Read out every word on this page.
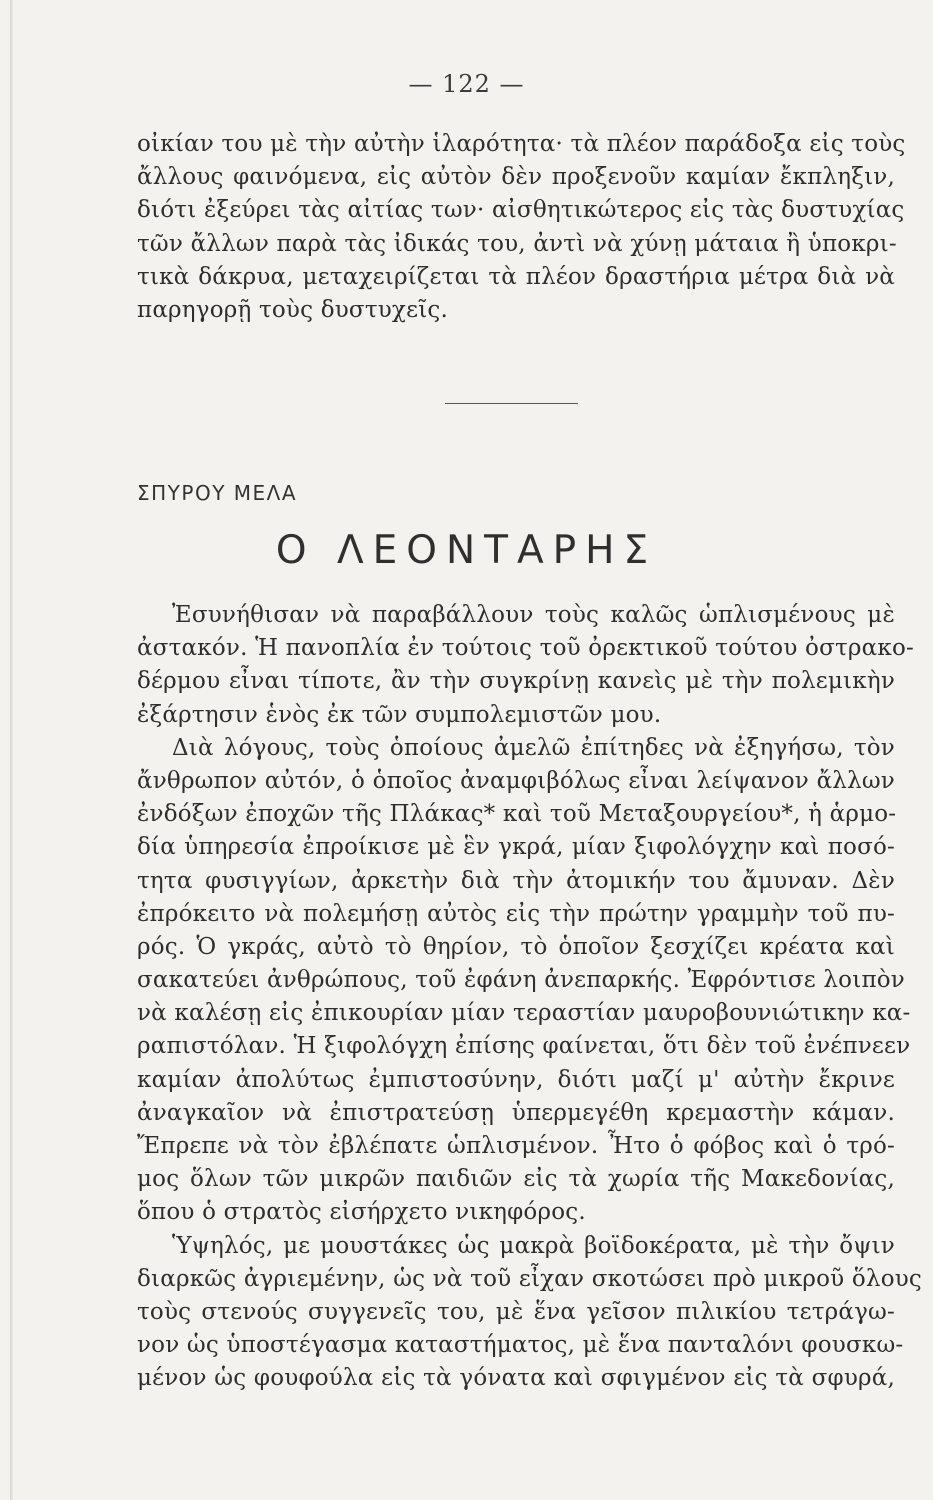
— 122 —
οἰκίαν του μὲ τὴν αὐτὴν ἱλαρότητα· τὰ πλέον παράδοξα εἰς τοὺς
ἄλλους φαινόμενα, εἰς αὐτὸν δὲν προξενοῦν καμίαν ἔκπληξιν,
διότι ἐξεύρει τὰς αἰτίας των· αἰσθητικώτερος εἰς τὰς δυστυχίας
τῶν ἄλλων παρὰ τὰς ἰδικάς του, ἀντὶ νὰ χύνῃ μάταια ἢ ὑποκρι-
τικὰ δάκρυα, μεταχειρίζεται τὰ πλέον δραστήρια μέτρα διὰ νὰ
παρηγορῇ τοὺς δυστυχεῖς.
ΣΠΥΡΟΥ ΜΕΛΑ
Ο ΛΕΟΝΤΑΡΗΣ
Ἐσυνήθισαν νὰ παραβάλλουν τοὺς καλῶς ὡπλισμένους μὲ
ἀστακόν. Ἡ πανοπλία ἐν τούτοις τοῦ ὀρεκτικοῦ τούτου ὀστρακο-
δέρμου εἶναι τίποτε, ἂν τὴν συγκρίνῃ κανεὶς μὲ τὴν πολεμικὴν
ἐξάρτησιν ἑνὸς ἐκ τῶν συμπολεμιστῶν μου.
Διὰ λόγους, τοὺς ὁποίους ἀμελῶ ἐπίτηδες νὰ ἐξηγήσω, τὸν
ἄνθρωπον αὐτόν, ὁ ὁποῖος ἀναμφιβόλως εἶναι λείψανον ἄλλων
ἐνδόξων ἐποχῶν τῆς Πλάκας* καὶ τοῦ Μεταξουργείου*, ἡ ἁρμο-
δία ὑπηρεσία ἐπροίκισε μὲ ἓν γκρά, μίαν ξιφολόγχην καὶ ποσό-
τητα φυσιγγίων, ἀρκετὴν διὰ τὴν ἀτομικήν του ἄμυναν. Δὲν
ἐπρόκειτο νὰ πολεμήσῃ αὐτὸς εἰς τὴν πρώτην γραμμὴν τοῦ πυ-
ρός. Ὁ γκράς, αὐτὸ τὸ θηρίον, τὸ ὁποῖον ξεσχίζει κρέατα καὶ
σακατεύει ἀνθρώπους, τοῦ ἐφάνη ἀνεπαρκής. Ἐφρόντισε λοιπὸν
νὰ καλέσῃ εἰς ἐπικουρίαν μίαν τεραστίαν μαυροβουνιώτικην κα-
ραπιστόλαν. Ἡ ξιφολόγχη ἐπίσης φαίνεται, ὅτι δὲν τοῦ ἐνέπνεεν
καμίαν ἀπολύτως ἐμπιστοσύνην, διότι μαζί μ' αὐτὴν ἔκρινε
ἀναγκαῖον νὰ ἐπιστρατεύσῃ ὑπερμεγέθη κρεμαστὴν κάμαν.
Ἔπρεπε νὰ τὸν ἐβλέπατε ὡπλισμένον. Ἦτο ὁ φόβος καὶ ὁ τρό-
μος ὅλων τῶν μικρῶν παιδιῶν εἰς τὰ χωρία τῆς Μακεδονίας,
ὅπου ὁ στρατὸς εἰσήρχετο νικηφόρος.
Ὑψηλός, με μουστάκες ὡς μακρὰ βοϊδοκέρατα, μὲ τὴν ὄψιν
διαρκῶς ἀγριεμένην, ὡς νὰ τοῦ εἶχαν σκοτώσει πρὸ μικροῦ ὅλους
τοὺς στενούς συγγενεῖς του, μὲ ἕνα γεῖσον πιλικίου τετράγω-
νον ὡς ὑποστέγασμα καταστήματος, μὲ ἕνα πανταλόνι φουσκω-
μένον ὡς φουφούλα εἰς τὰ γόνατα καὶ σφιγμένον εἰς τὰ σφυρά,
